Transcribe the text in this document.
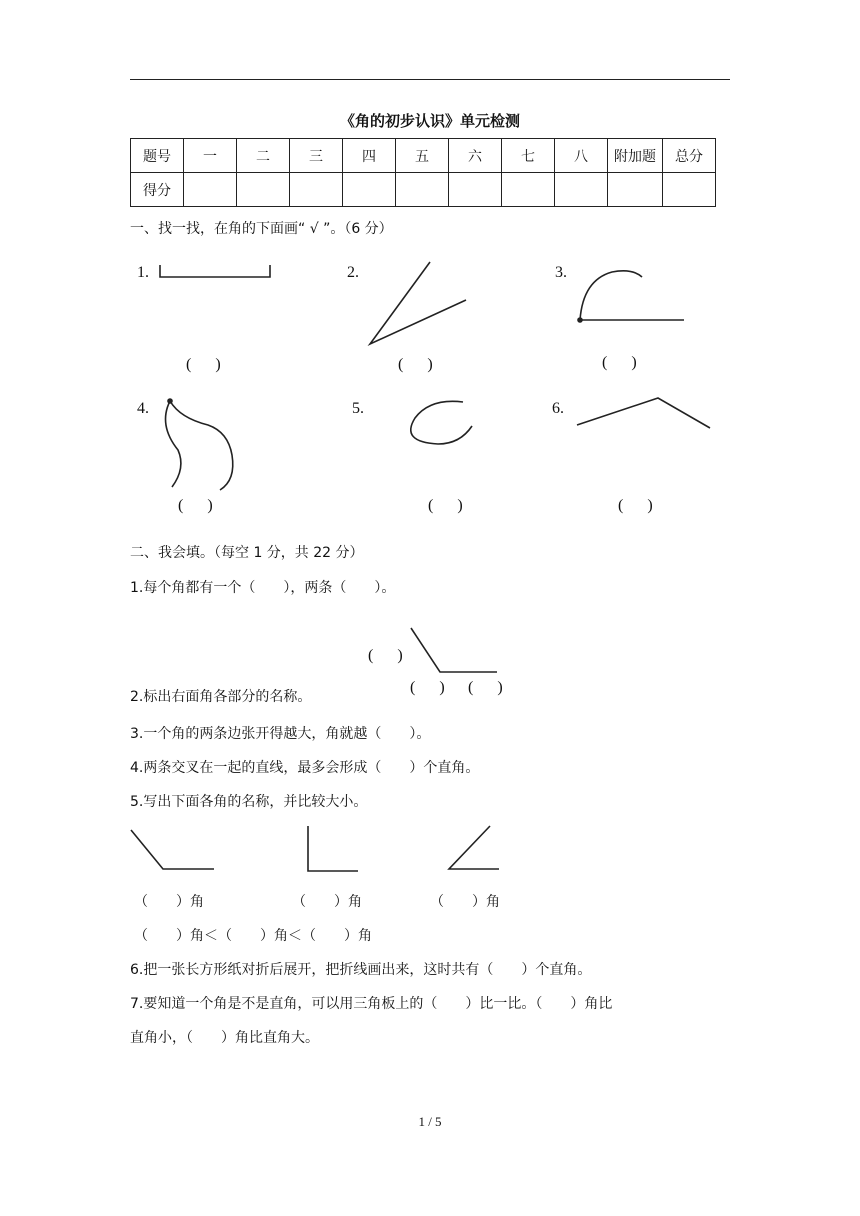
《角的初步认识》单元检测
题号	一	二	三	四	五	六	七	八	附加题	总分
得分										
一、找一找，在角的下面画“ √ ”。（6 分）
1.	2.	3.
4.	5.	6.
(      )	(      )	(      )
(      )	(      )	(      )
二、我会填。（每空 1 分，共 22 分）
1.每个角都有一个（　　），两条（　　）。
(      )
2.标出右面角各部分的名称。
(      ) (      )
3.一个角的两条边张开得越大，角就越（　　）。
4.两条交叉在一起的直线，最多会形成（　　）个直角。
5.写出下面各角的名称，并比较大小。
（　　）角	（　　）角	（　　）角
（　　）角＜（　　）角＜（　　）角
6.把一张长方形纸对折后展开，把折线画出来，这时共有（　　）个直角。
7.要知道一个角是不是直角，可以用三角板上的（　　）比一比。（　　）角比
直角小，（　　）角比直角大。
1 / 5
